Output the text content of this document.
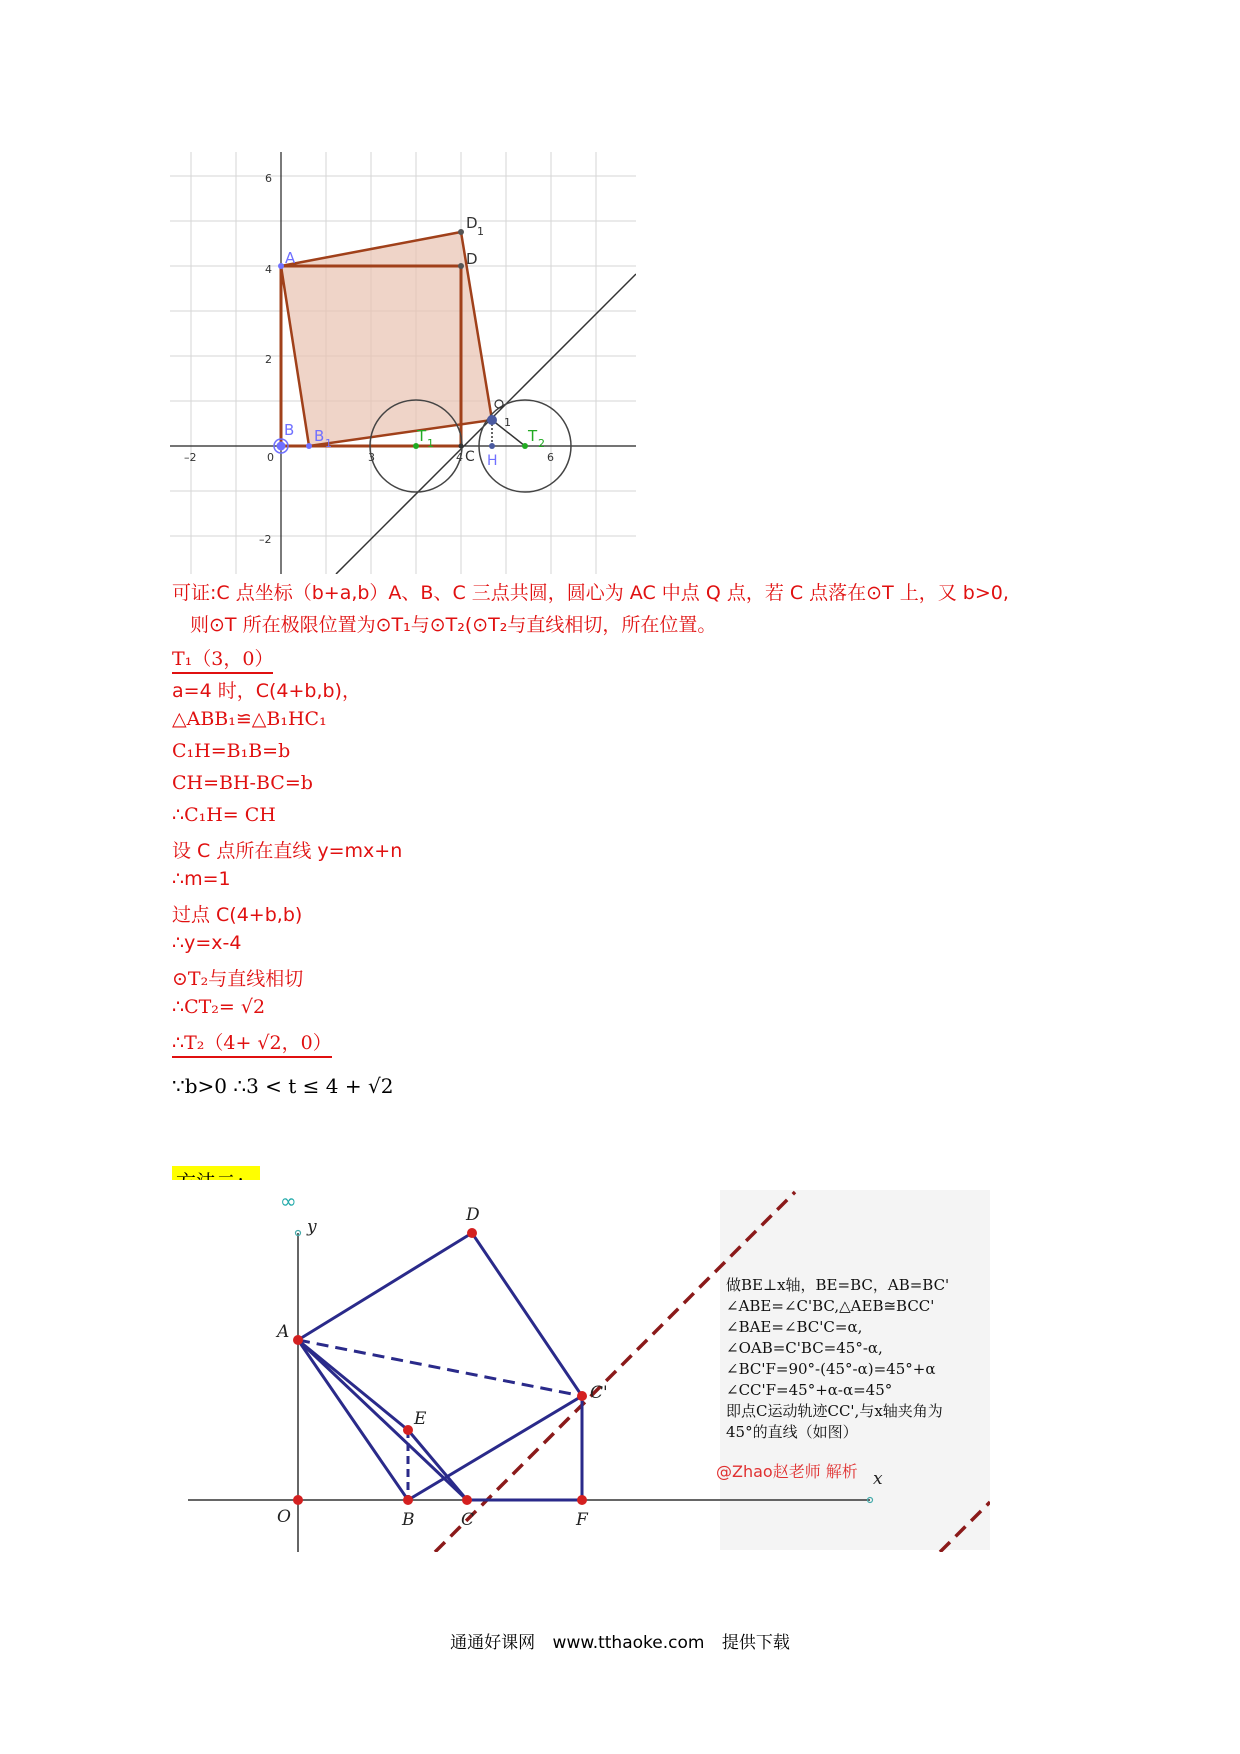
6
4
2
–2
–2	0	3	4	6
A
B B 1
D
D 1
C
1
H
T 1	T 2
可证:C 点坐标（b+a,b）A、B、C 三点共圆，圆心为 AC 中点 Q 点，若 C 点落在⊙T 上，又 b>0,
则⊙T 所在极限位置为⊙T₁与⊙T₂(⊙T₂与直线相切，所在位置。
T₁（3，0）
a=4 时，C(4+b,b)，
△ABB₁≌△B₁HC₁
C₁H=B₁B=b
CH=BH-BC=b
∴C₁H= CH
设 C 点所在直线 y=mx+n
∴m=1
过点 C(4+b,b)
∴y=x-4
⊙T₂与直线相切
∴CT₂= √2
∴T₂（4+ √2，0）
∵b>0 ∴3 < t ≤ 4 + √2
y
x
∞
D
A
C'
E
O	B	C	F
做BE⊥x轴，BE=BC，AB=BC'
∠ABE=∠C'BC,△AEB≅BCC'
∠BAE=∠BC'C=α,
∠OAB=C'BC=45°-α,
∠BC'F=90°-(45°-α)=45°+α
∠CC'F=45°+α-α=45°
即点C运动轨迹CC',与x轴夹角为
45°的直线（如图）
@Zhao赵老师 解析
通通好课网 www.tthaoke.com 提供下载
